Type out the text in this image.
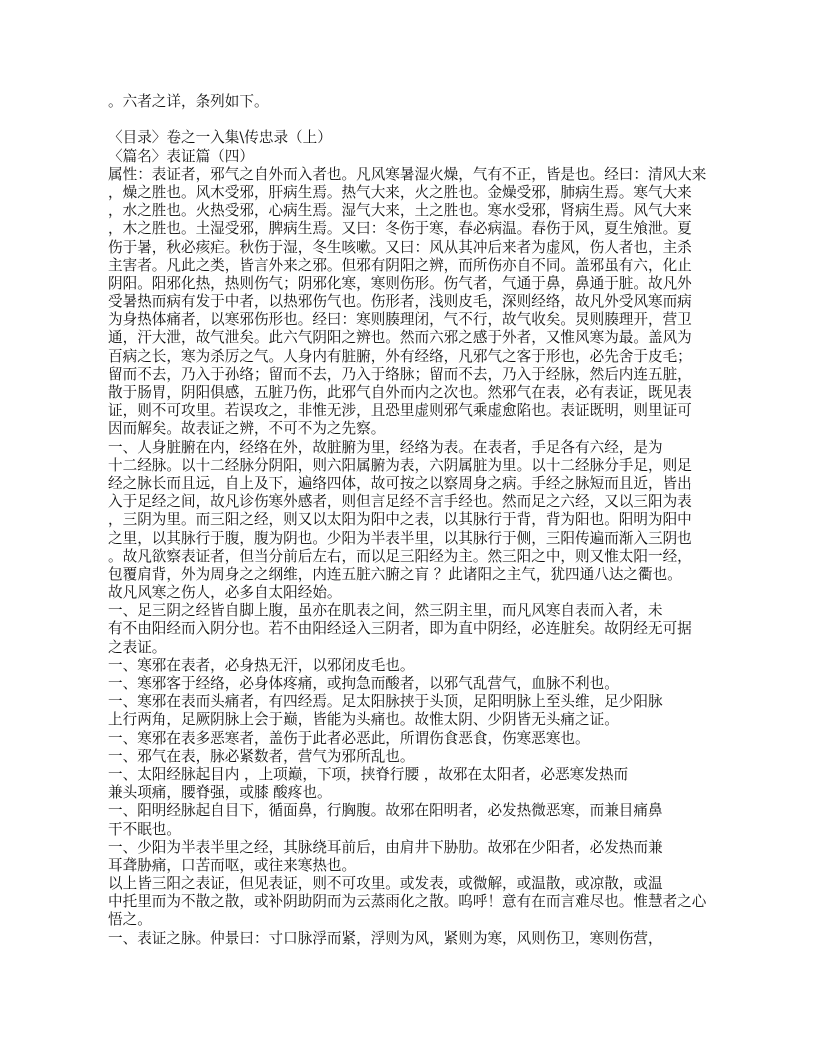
。六者之详，条列如下。
〈目录〉卷之一入集\传忠录（上）
〈篇名〉表证篇（四）
属性：表证者，邪气之自外而入者也。凡风寒暑湿火燥，气有不正，皆是也。经曰：清风大来
，燥之胜也。风木受邪，肝病生焉。热气大来，火之胜也。金燥受邪，肺病生焉。寒气大来
，水之胜也。火热受邪，心病生焉。湿气大来，土之胜也。寒水受邪，肾病生焉。风气大来
，木之胜也。土湿受邪，脾病生焉。又曰：冬伤于寒，春必病温。春伤于风，夏生飧泄。夏
伤于暑，秋必痎疟。秋伤于湿，冬生咳嗽。又曰：风从其冲后来者为虚风，伤人者也，主杀
主害者。凡此之类，皆言外来之邪。但邪有阴阳之辨，而所伤亦自不同。盖邪虽有六，化止
阴阳。阳邪化热，热则伤气；阴邪化寒，寒则伤形。伤气者，气通于鼻，鼻通于脏。故凡外
受暑热而病有发于中者，以热邪伤气也。伤形者，浅则皮毛，深则经络，故凡外受风寒而病
为身热体痛者，以寒邪伤形也。经曰：寒则腠理闭，气不行，故气收矣。炅则腠理开，营卫
通，汗大泄，故气泄矣。此六气阴阳之辨也。然而六邪之感于外者，又惟风寒为最。盖风为
百病之长，寒为杀厉之气。人身内有脏腑，外有经络，凡邪气之客于形也，必先舍于皮毛；
留而不去，乃入于孙络；留而不去，乃入于络脉；留而不去，乃入于经脉，然后内连五脏，
散于肠胃，阴阳俱感，五脏乃伤，此邪气自外而内之次也。然邪气在表，必有表证，既见表
证，则不可攻里。若误攻之，非惟无涉，且恐里虚则邪气乘虚愈陷也。表证既明，则里证可
因而解矣。故表证之辨，不可不为之先察。
一、人身脏腑在内，经络在外，故脏腑为里，经络为表。在表者，手足各有六经，是为
十二经脉。以十二经脉分阴阳，则六阳属腑为表，六阴属脏为里。以十二经脉分手足，则足
经之脉长而且远，自上及下，遍络四体，故可按之以察周身之病。手经之脉短而且近，皆出
入于足经之间，故凡诊伤寒外感者，则但言足经不言手经也。然而足之六经，又以三阳为表
，三阴为里。而三阳之经，则又以太阳为阳中之表，以其脉行于背，背为阳也。阳明为阳中
之里，以其脉行于腹，腹为阴也。少阳为半表半里，以其脉行于侧，三阳传遍而渐入三阴也
。故凡欲察表证者，但当分前后左右，而以足三阳经为主。然三阳之中，则又惟太阳一经，
包覆肩背，外为周身之之纲维，内连五脏六腑之肓 ？此诸阳之主气，犹四通八达之衢也。
故凡风寒之伤人，必多自太阳经始。
一、足三阴之经皆自脚上腹，虽亦在肌表之间，然三阴主里，而凡风寒自表而入者，未
有不由阳经而入阴分也。若不由阳经迳入三阴者，即为直中阴经，必连脏矣。故阴经无可据
之表证。
一、寒邪在表者，必身热无汗，以邪闭皮毛也。
一、寒邪客于经络，必身体疼痛，或拘急而酸者，以邪气乱营气，血脉不利也。
一、寒邪在表而头痛者，有四经焉。足太阳脉挟于头顶，足阳明脉上至头维，足少阳脉
上行两角，足厥阴脉上会于巅，皆能为头痛也。故惟太阴、少阴皆无头痛之证。
一、寒邪在表多恶寒者，盖伤于此者必恶此，所谓伤食恶食，伤寒恶寒也。
一、邪气在表，脉必紧数者，营气为邪所乱也。
一、太阳经脉起目内 ，上项巅，下项，挟脊行腰 ，故邪在太阳者，必恶寒发热而
兼头项痛，腰脊强，或膝 酸疼也。
一、阳明经脉起自目下，循面鼻，行胸腹。故邪在阳明者，必发热微恶寒，而兼目痛鼻
干不眠也。
一、少阳为半表半里之经，其脉绕耳前后，由肩井下胁肋。故邪在少阳者，必发热而兼
耳聋胁痛，口苦而呕，或往来寒热也。
以上皆三阳之表证，但见表证，则不可攻里。或发表，或微解，或温散，或凉散，或温
中托里而为不散之散，或补阴助阴而为云蒸雨化之散。呜呼！意有在而言难尽也。惟慧者之心
悟之。
一、表证之脉。仲景曰：寸口脉浮而紧，浮则为风，紧则为寒，风则伤卫，寒则伤营，
